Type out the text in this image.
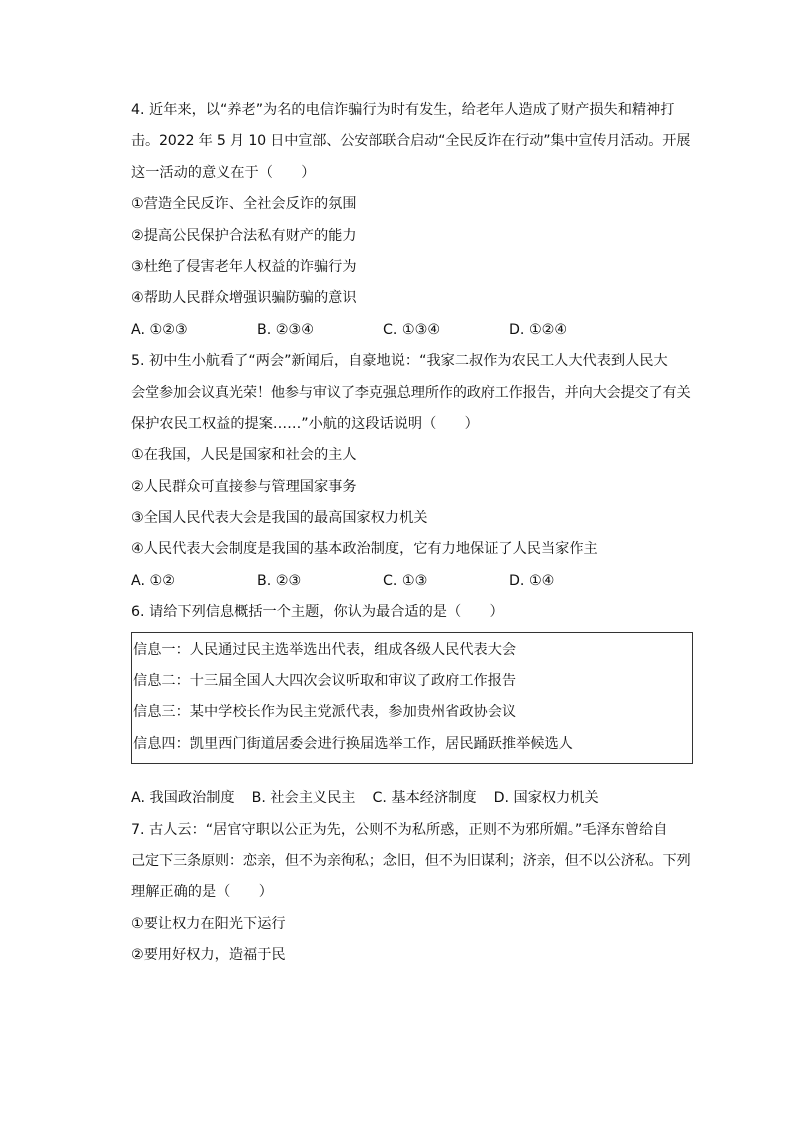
4. 近年来，以“养老”为名的电信诈骗行为时有发生，给老年人造成了财产损失和精神打
击。2022 年 5 月 10 日中宣部、公安部联合启动“全民反诈在行动”集中宣传月活动。开展
这一活动的意义在于（　　）
①营造全民反诈、全社会反诈的氛围
②提高公民保护合法私有财产的能力
③杜绝了侵害老年人权益的诈骗行为
④帮助人民群众增强识骗防骗的意识
A. ①②③	B. ②③④	C. ①③④	D. ①②④
5. 初中生小航看了“两会”新闻后，自豪地说：“我家二叔作为农民工人大代表到人民大
会堂参加会议真光荣！他参与审议了李克强总理所作的政府工作报告，并向大会提交了有关
保护农民工权益的提案……”小航的这段话说明（　　）
①在我国，人民是国家和社会的主人
②人民群众可直接参与管理国家事务
③全国人民代表大会是我国的最高国家权力机关
④人民代表大会制度是我国的基本政治制度，它有力地保证了人民当家作主
A. ①②	B. ②③	C. ①③	D. ①④
6. 请给下列信息概括一个主题，你认为最合适的是（　　）
信息一：人民通过民主选举选出代表，组成各级人民代表大会
信息二：十三届全国人大四次会议听取和审议了政府工作报告
信息三：某中学校长作为民主党派代表，参加贵州省政协会议
信息四：凯里西门街道居委会进行换届选举工作，居民踊跃推举候选人
A. 我国政治制度 B. 社会主义民主 C. 基本经济制度 D. 国家权力机关
7. 古人云：“居官守职以公正为先，公则不为私所惑，正则不为邪所媚。”毛泽东曾给自
己定下三条原则：恋亲，但不为亲徇私；念旧，但不为旧谋利；济亲，但不以公济私。下列
理解正确的是（　　）
①要让权力在阳光下运行
②要用好权力，造福于民
